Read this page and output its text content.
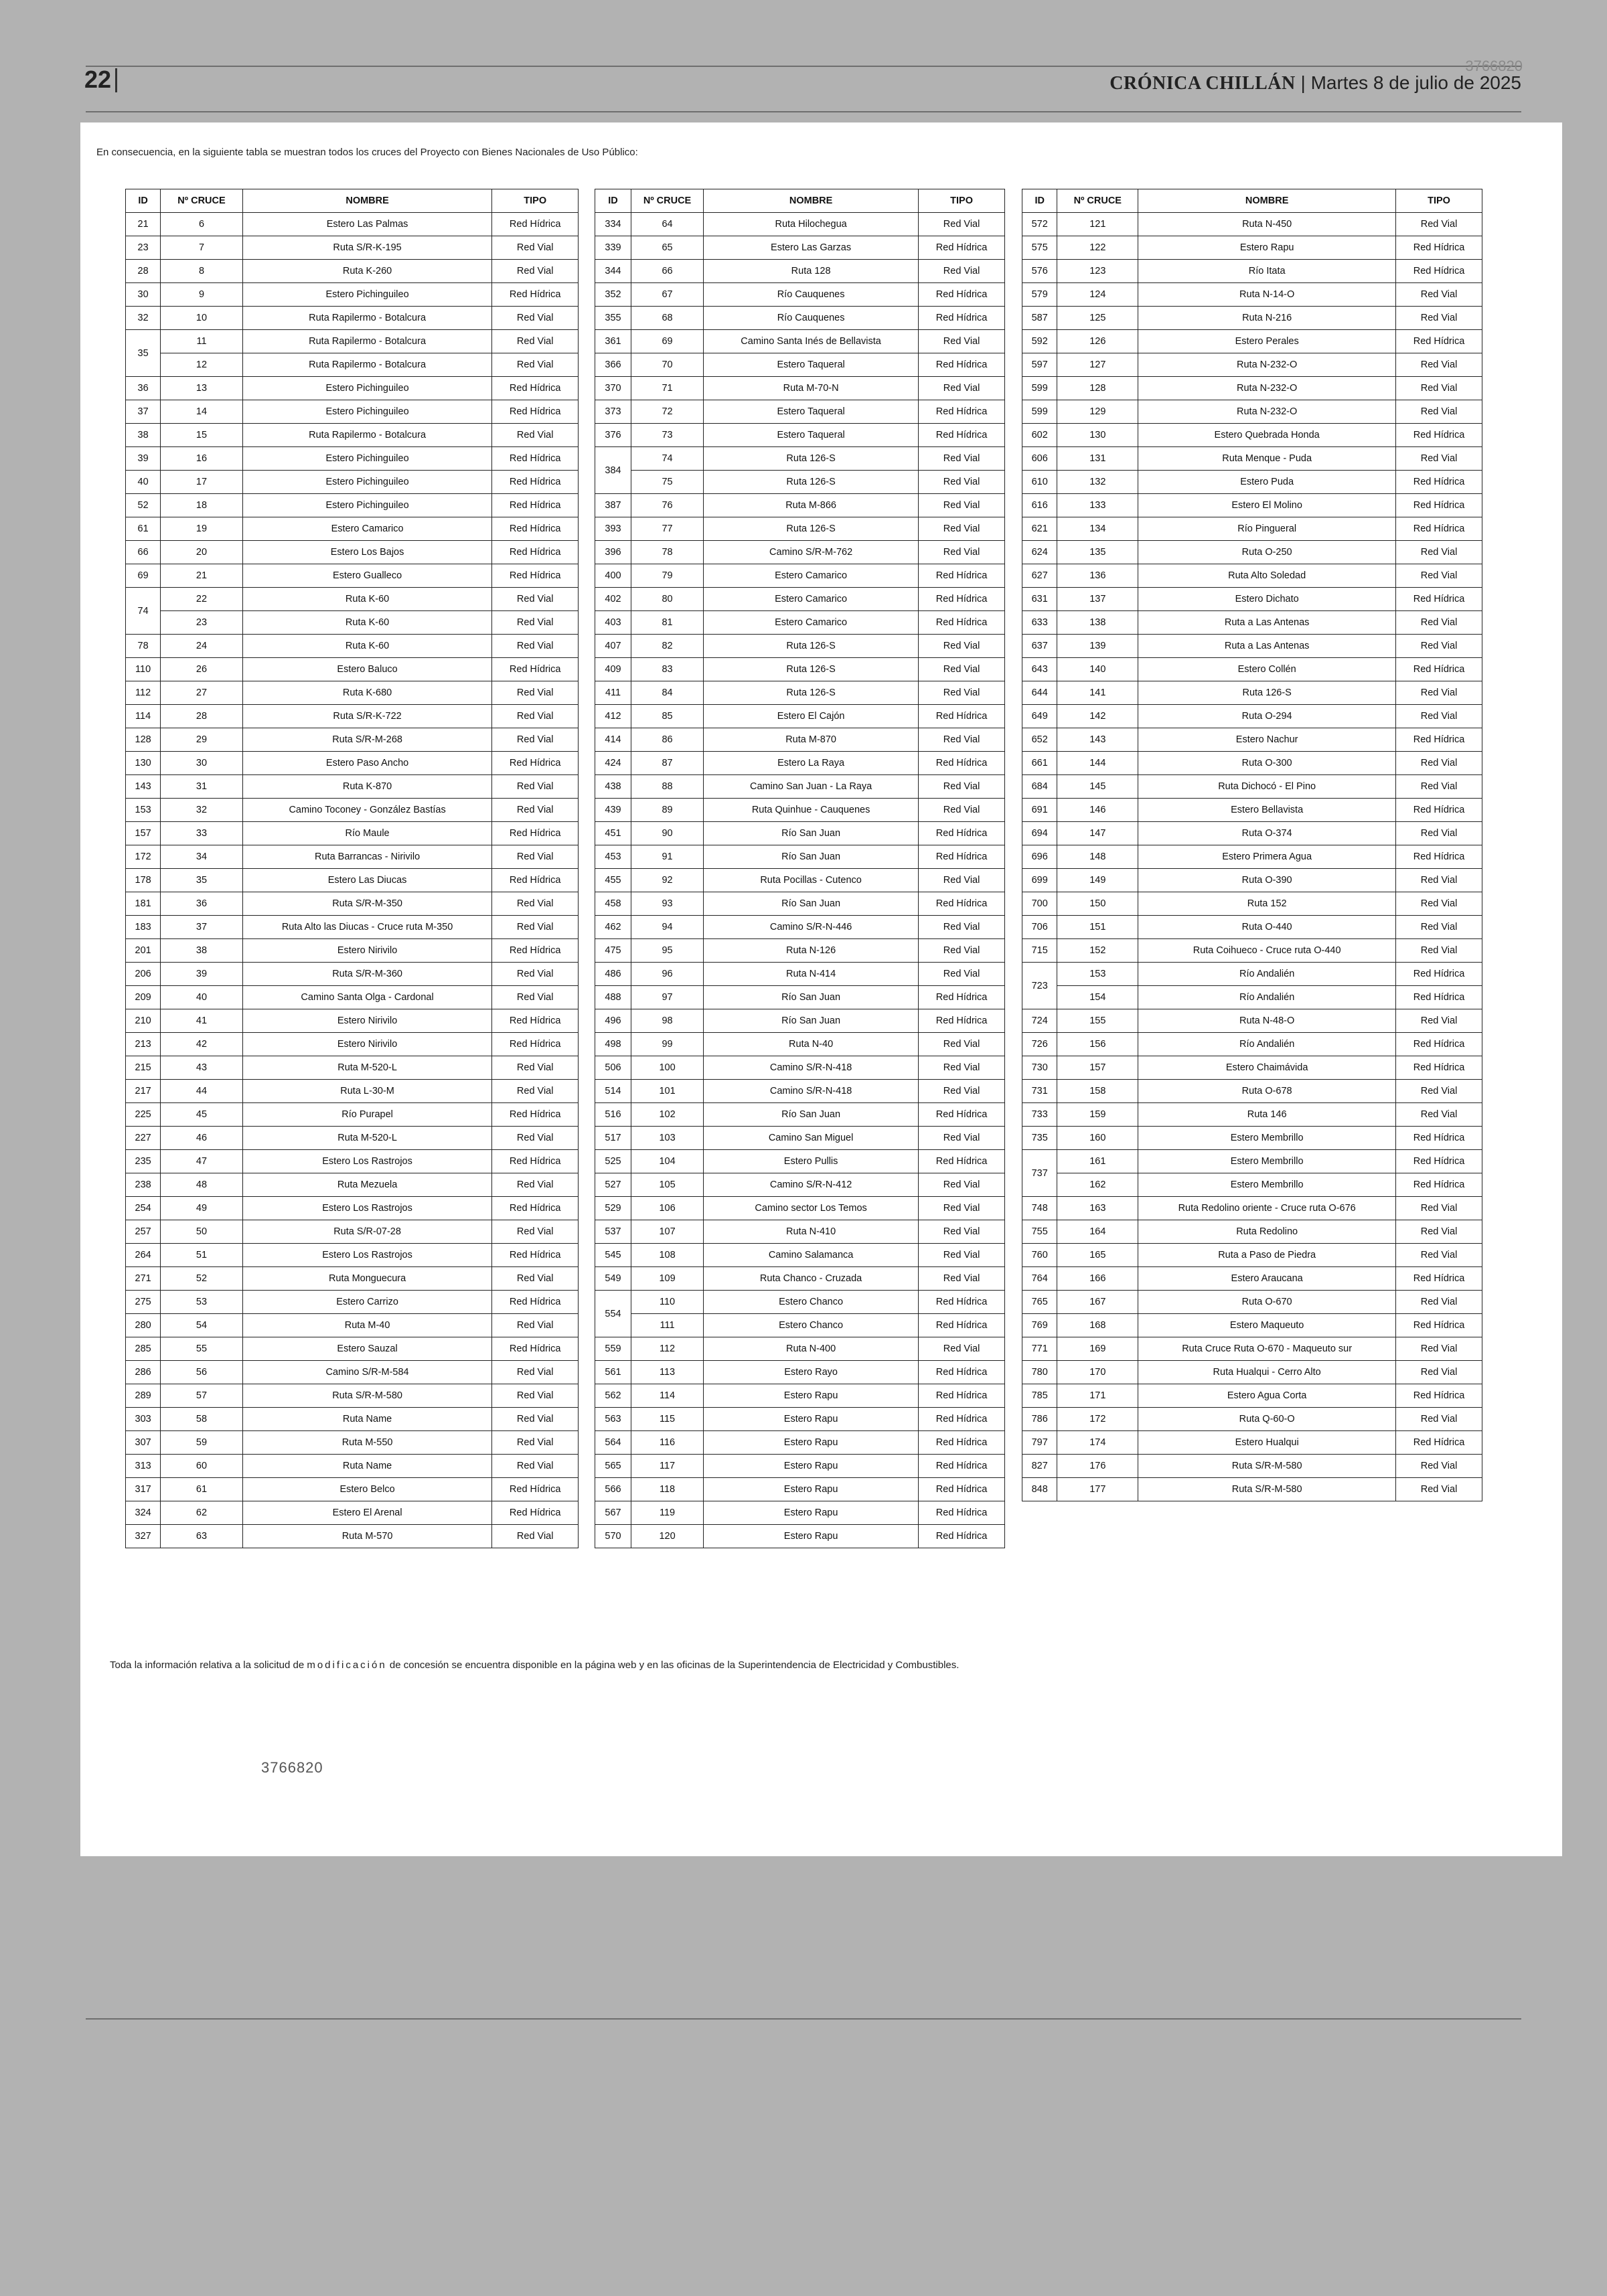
22	3766820
CRÓNICA CHILLÁN | Martes 8 de julio de 2025
En consecuencia, en la siguiente tabla se muestran todos los cruces del Proyecto con Bienes Nacionales de Uso Público:
ID	Nº CRUCE	NOMBRE	TIPO
21	6	Estero Las Palmas	Red Hídrica
23	7	Ruta S/R-K-195	Red Vial
28	8	Ruta K-260	Red Vial
30	9	Estero Pichinguileo	Red Hídrica
32	10	Ruta Rapilermo - Botalcura	Red Vial
35	11	Ruta Rapilermo - Botalcura	Red Vial
	12	Ruta Rapilermo - Botalcura	Red Vial
36	13	Estero Pichinguileo	Red Hídrica
37	14	Estero Pichinguileo	Red Hídrica
38	15	Ruta Rapilermo - Botalcura	Red Vial
39	16	Estero Pichinguileo	Red Hídrica
40	17	Estero Pichinguileo	Red Hídrica
52	18	Estero Pichinguileo	Red Hídrica
61	19	Estero Camarico	Red Hídrica
66	20	Estero Los Bajos	Red Hídrica
69	21	Estero Gualleco	Red Hídrica
74	22	Ruta K-60	Red Vial
	23	Ruta K-60	Red Vial
78	24	Ruta K-60	Red Vial
110	26	Estero Baluco	Red Hídrica
112	27	Ruta K-680	Red Vial
114	28	Ruta S/R-K-722	Red Vial
128	29	Ruta S/R-M-268	Red Vial
130	30	Estero Paso Ancho	Red Hídrica
143	31	Ruta K-870	Red Vial
153	32	Camino Toconey - González Bastías	Red Vial
157	33	Río Maule	Red Hídrica
172	34	Ruta Barrancas - Nirivilo	Red Vial
178	35	Estero Las Diucas	Red Hídrica
181	36	Ruta S/R-M-350	Red Vial
183	37	Ruta Alto las Diucas - Cruce ruta M-350	Red Vial
201	38	Estero Nirivilo	Red Hídrica
206	39	Ruta S/R-M-360	Red Vial
209	40	Camino Santa Olga - Cardonal	Red Vial
210	41	Estero Nirivilo	Red Hídrica
213	42	Estero Nirivilo	Red Hídrica
215	43	Ruta M-520-L	Red Vial
217	44	Ruta L-30-M	Red Vial
225	45	Río Purapel	Red Hídrica
227	46	Ruta M-520-L	Red Vial
235	47	Estero Los Rastrojos	Red Hídrica
238	48	Ruta Mezuela	Red Vial
254	49	Estero Los Rastrojos	Red Hídrica
257	50	Ruta S/R-07-28	Red Vial
264	51	Estero Los Rastrojos	Red Hídrica
271	52	Ruta Monguecura	Red Vial
275	53	Estero Carrizo	Red Hídrica
280	54	Ruta M-40	Red Vial
285	55	Estero Sauzal	Red Hídrica
286	56	Camino S/R-M-584	Red Vial
289	57	Ruta S/R-M-580	Red Vial
303	58	Ruta Name	Red Vial
307	59	Ruta M-550	Red Vial
313	60	Ruta Name	Red Vial
317	61	Estero Belco	Red Hídrica
324	62	Estero El Arenal	Red Hídrica
327	63	Ruta M-570	Red Vial
ID	Nº CRUCE	NOMBRE	TIPO
334	64	Ruta Hilochegua	Red Vial
339	65	Estero Las Garzas	Red Hídrica
344	66	Ruta 128	Red Vial
352	67	Río Cauquenes	Red Hídrica
355	68	Río Cauquenes	Red Hídrica
361	69	Camino Santa Inés de Bellavista	Red Vial
366	70	Estero Taqueral	Red Hídrica
370	71	Ruta M-70-N	Red Vial
373	72	Estero Taqueral	Red Hídrica
376	73	Estero Taqueral	Red Hídrica
384	74	Ruta 126-S	Red Vial
	75	Ruta 126-S	Red Vial
387	76	Ruta M-866	Red Vial
393	77	Ruta 126-S	Red Vial
396	78	Camino S/R-M-762	Red Vial
400	79	Estero Camarico	Red Hídrica
402	80	Estero Camarico	Red Hídrica
403	81	Estero Camarico	Red Hídrica
407	82	Ruta 126-S	Red Vial
409	83	Ruta 126-S	Red Vial
411	84	Ruta 126-S	Red Vial
412	85	Estero El Cajón	Red Hídrica
414	86	Ruta M-870	Red Vial
424	87	Estero La Raya	Red Hídrica
438	88	Camino San Juan - La Raya	Red Vial
439	89	Ruta Quinhue - Cauquenes	Red Vial
451	90	Río San Juan	Red Hídrica
453	91	Río San Juan	Red Hídrica
455	92	Ruta Pocillas - Cutenco	Red Vial
458	93	Río San Juan	Red Hídrica
462	94	Camino S/R-N-446	Red Vial
475	95	Ruta N-126	Red Vial
486	96	Ruta N-414	Red Vial
488	97	Río San Juan	Red Hídrica
496	98	Río San Juan	Red Hídrica
498	99	Ruta N-40	Red Vial
506	100	Camino S/R-N-418	Red Vial
514	101	Camino S/R-N-418	Red Vial
516	102	Río San Juan	Red Hídrica
517	103	Camino San Miguel	Red Vial
525	104	Estero Pullis	Red Hídrica
527	105	Camino S/R-N-412	Red Vial
529	106	Camino sector Los Temos	Red Vial
537	107	Ruta N-410	Red Vial
545	108	Camino Salamanca	Red Vial
549	109	Ruta Chanco - Cruzada	Red Vial
554	110	Estero Chanco	Red Hídrica
	111	Estero Chanco	Red Hídrica
559	112	Ruta N-400	Red Vial
561	113	Estero Rayo	Red Hídrica
562	114	Estero Rapu	Red Hídrica
563	115	Estero Rapu	Red Hídrica
564	116	Estero Rapu	Red Hídrica
565	117	Estero Rapu	Red Hídrica
566	118	Estero Rapu	Red Hídrica
567	119	Estero Rapu	Red Hídrica
570	120	Estero Rapu	Red Hídrica
ID	Nº CRUCE	NOMBRE	TIPO
572	121	Ruta N-450	Red Vial
575	122	Estero Rapu	Red Hídrica
576	123	Río Itata	Red Hídrica
579	124	Ruta N-14-O	Red Vial
587	125	Ruta N-216	Red Vial
592	126	Estero Perales	Red Hídrica
597	127	Ruta N-232-O	Red Vial
599	128	Ruta N-232-O	Red Vial
599	129	Ruta N-232-O	Red Vial
602	130	Estero Quebrada Honda	Red Hídrica
606	131	Ruta Menque - Puda	Red Vial
610	132	Estero Puda	Red Hídrica
616	133	Estero El Molino	Red Hídrica
621	134	Río Pingueral	Red Hídrica
624	135	Ruta O-250	Red Vial
627	136	Ruta Alto Soledad	Red Vial
631	137	Estero Dichato	Red Hídrica
633	138	Ruta a Las Antenas	Red Vial
637	139	Ruta a Las Antenas	Red Vial
643	140	Estero Collén	Red Hídrica
644	141	Ruta 126-S	Red Vial
649	142	Ruta O-294	Red Vial
652	143	Estero Nachur	Red Hídrica
661	144	Ruta O-300	Red Vial
684	145	Ruta Dichocó - El Pino	Red Vial
691	146	Estero Bellavista	Red Hídrica
694	147	Ruta O-374	Red Vial
696	148	Estero Primera Agua	Red Hídrica
699	149	Ruta O-390	Red Vial
700	150	Ruta 152	Red Vial
706	151	Ruta O-440	Red Vial
715	152	Ruta Coihueco - Cruce ruta O-440	Red Vial
723	153	Río Andalién	Red Hídrica
	154	Río Andalién	Red Hídrica
724	155	Ruta N-48-O	Red Vial
726	156	Río Andalién	Red Hídrica
730	157	Estero Chaimávida	Red Hídrica
731	158	Ruta O-678	Red Vial
733	159	Ruta 146	Red Vial
735	160	Estero Membrillo	Red Hídrica
737	161	Estero Membrillo	Red Hídrica
	162	Estero Membrillo	Red Hídrica
748	163	Ruta Redolino oriente - Cruce ruta O-676	Red Vial
755	164	Ruta Redolino	Red Vial
760	165	Ruta a Paso de Piedra	Red Vial
764	166	Estero Araucana	Red Hídrica
765	167	Ruta O-670	Red Vial
769	168	Estero Maqueuto	Red Hídrica
771	169	Ruta Cruce Ruta O-670 - Maqueuto sur	Red Vial
780	170	Ruta Hualqui - Cerro Alto	Red Vial
785	171	Estero Agua Corta	Red Hídrica
786	172	Ruta Q-60-O	Red Vial
797	174	Estero Hualqui	Red Hídrica
827	176	Ruta S/R-M-580	Red Vial
848	177	Ruta S/R-M-580	Red Vial
Toda la información relativa a la solicitud de modificación de concesión se encuentra disponible en la página web y en las oficinas de la Superintendencia de Electricidad y Combustibles.
3766820
